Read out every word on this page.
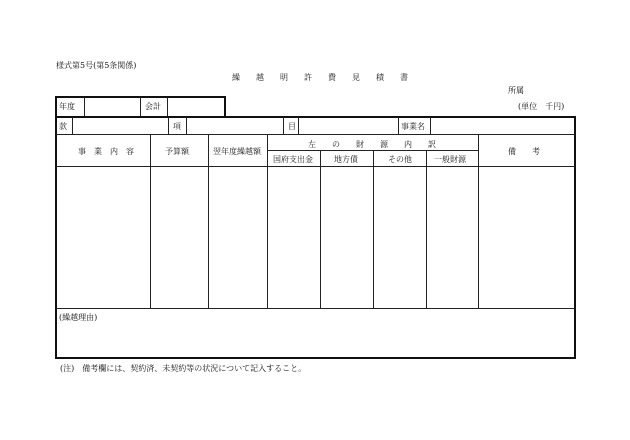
様式第5号(第5条関係)
繰　　越　　明　　許　　費　　見　　積　　書
所属
(単位　千円)
年度	会計
款	項	目	事業名
事　業　内　容	予算額	翌年度繰越額
左　　の　　財　　源　　内　　訳
国府支出金	地方債	その他	一般財源
備　　考
(繰越理由)
(注)　備考欄には、契約済、未契約等の状況について記入すること。
